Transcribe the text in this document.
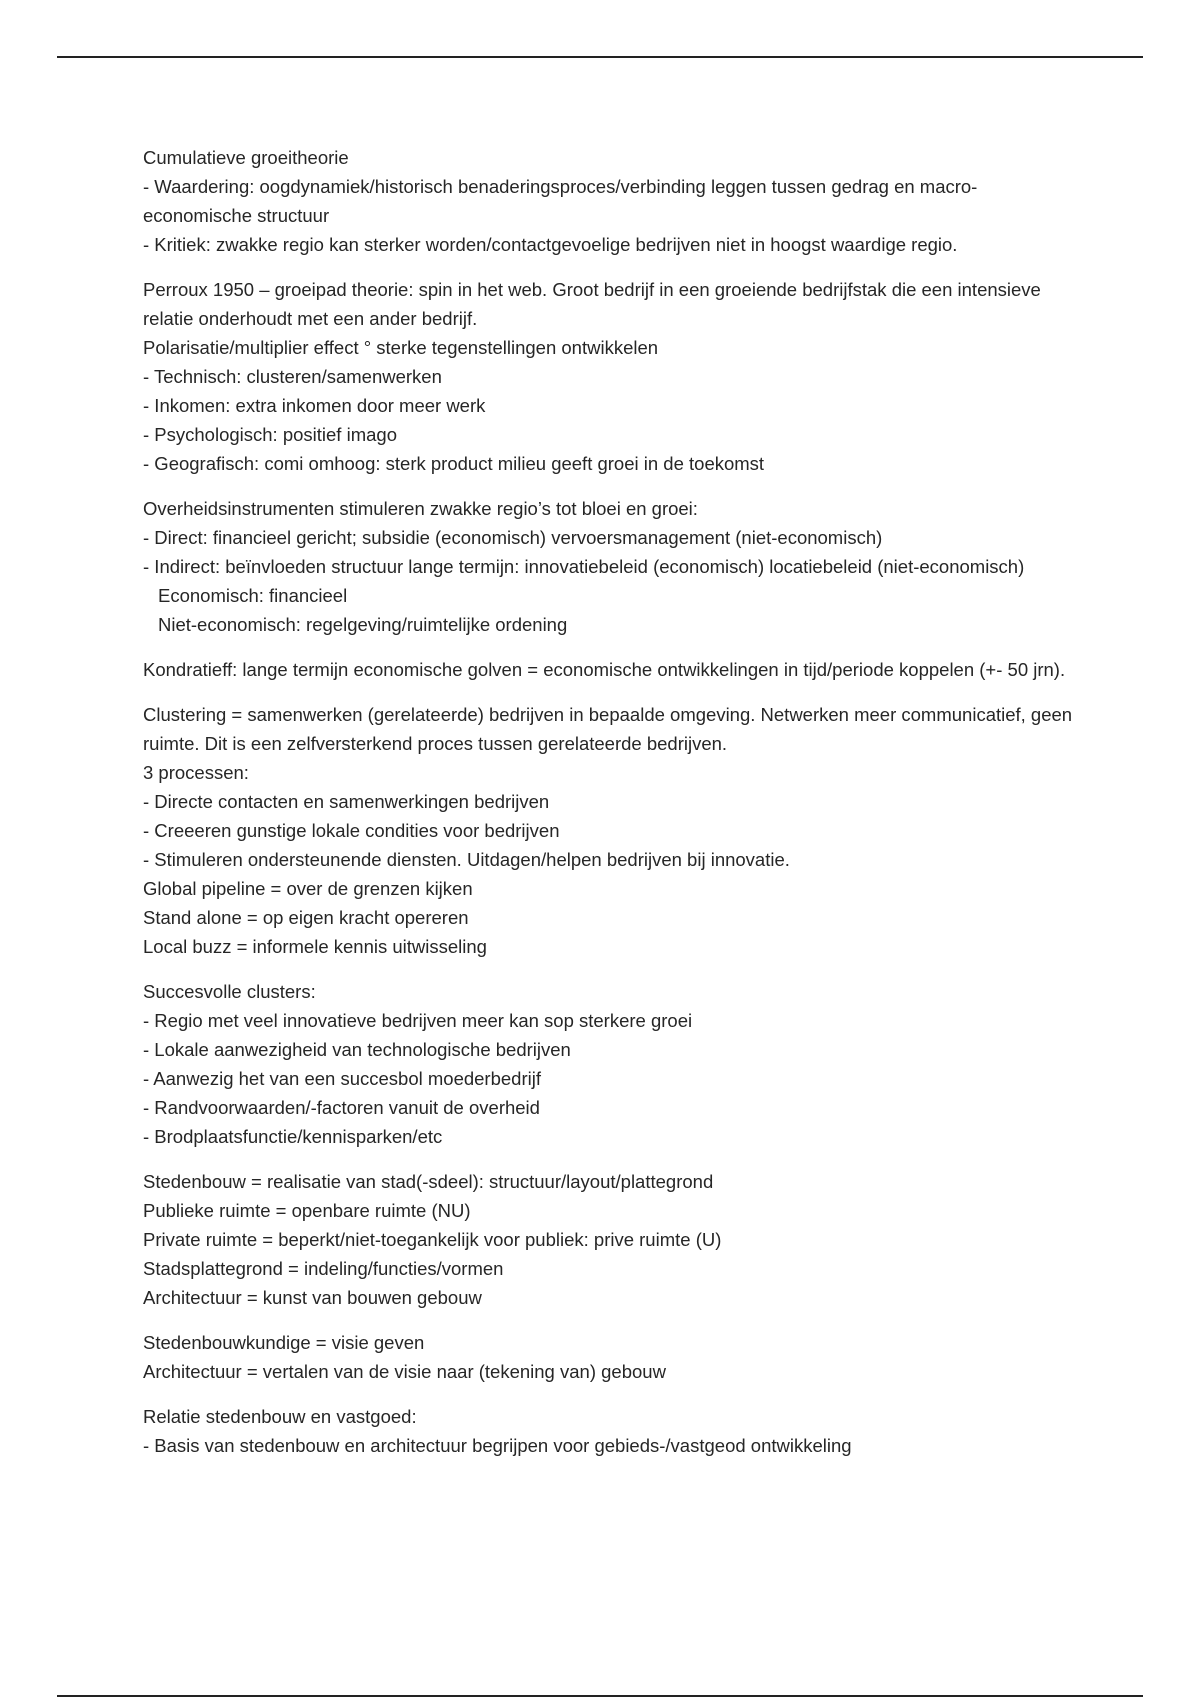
Cumulatieve groeitheorie
- Waardering: oogdynamiek/historisch benaderingsproces/verbinding leggen tussen gedrag en macro-economische structuur
- Kritiek: zwakke regio kan sterker worden/contactgevoelige bedrijven niet in hoogst waardige regio.
Perroux 1950 – groeipad theorie: spin in het web. Groot bedrijf in een groeiende bedrijfstak die een intensieve relatie onderhoudt met een ander bedrijf.
Polarisatie/multiplier effect ° sterke tegenstellingen ontwikkelen
- Technisch: clusteren/samenwerken
- Inkomen: extra inkomen door meer werk
- Psychologisch: positief imago
- Geografisch: comi omhoog: sterk product milieu geeft groei in de toekomst
Overheidsinstrumenten stimuleren zwakke regio’s tot bloei en groei:
- Direct: financieel gericht; subsidie (economisch) vervoersmanagement (niet-economisch)
- Indirect: beïnvloeden structuur lange termijn: innovatiebeleid (economisch) locatiebeleid (niet-economisch)
Economisch: financieel
Niet-economisch: regelgeving/ruimtelijke ordening
Kondratieff: lange termijn economische golven = economische ontwikkelingen in tijd/periode koppelen (+- 50 jrn).
Clustering = samenwerken (gerelateerde) bedrijven in bepaalde omgeving. Netwerken meer communicatief, geen ruimte. Dit is een zelfversterkend proces tussen gerelateerde bedrijven.
3 processen:
- Directe contacten en samenwerkingen bedrijven
- Creeeren gunstige lokale condities voor bedrijven
- Stimuleren ondersteunende diensten. Uitdagen/helpen bedrijven bij innovatie.
Global pipeline = over de grenzen kijken
Stand alone = op eigen kracht opereren
Local buzz = informele kennis uitwisseling
Succesvolle clusters:
- Regio met veel innovatieve bedrijven meer kan sop sterkere groei
- Lokale aanwezigheid van technologische bedrijven
- Aanwezig het van een succesbol moederbedrijf
- Randvoorwaarden/-factoren vanuit de overheid
- Brodplaatsfunctie/kennisparken/etc
Stedenbouw = realisatie van stad(-sdeel): structuur/layout/plattegrond
Publieke ruimte = openbare ruimte (NU)
Private ruimte = beperkt/niet-toegankelijk voor publiek: prive ruimte (U)
Stadsplattegrond = indeling/functies/vormen
Architectuur = kunst van bouwen gebouw
Stedenbouwkundige = visie geven
Architectuur = vertalen van de visie naar (tekening van) gebouw
Relatie stedenbouw en vastgoed:
- Basis van stedenbouw en architectuur begrijpen voor gebieds-/vastgeod ontwikkeling
